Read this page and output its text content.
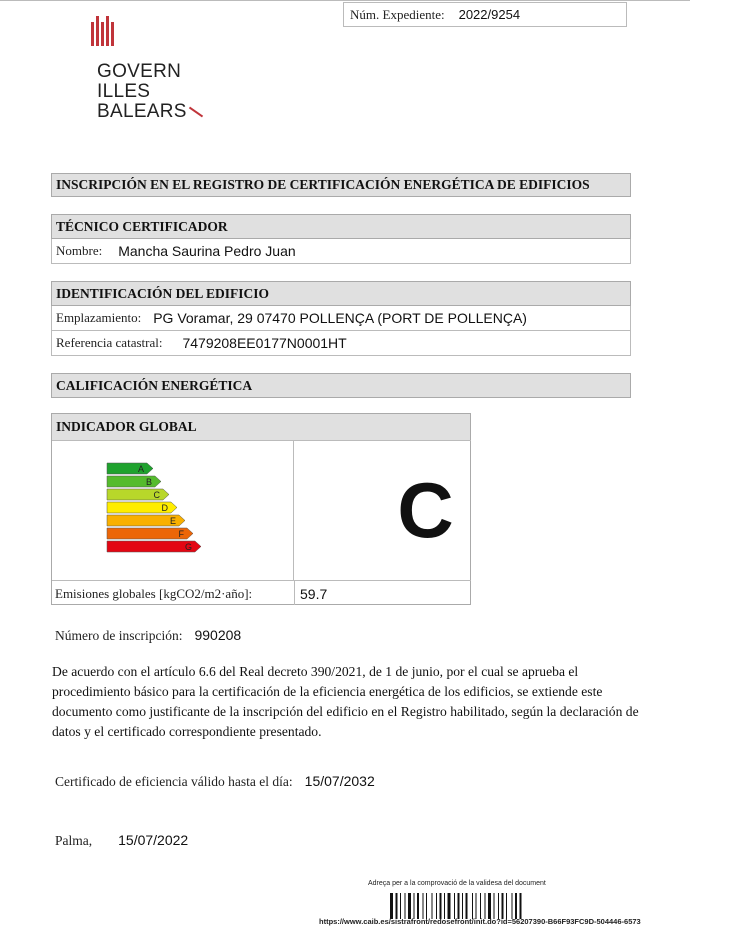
GOVERN
ILLES
BALEARS
Núm. Expediente: 2022/9254
INSCRIPCIÓN EN EL REGISTRO DE CERTIFICACIÓN ENERGÉTICA DE EDIFICIOS
TÉCNICO CERTIFICADOR
Nombre: Mancha Saurina Pedro Juan
IDENTIFICACIÓN DEL EDIFICIO
Emplazamiento: PG Voramar, 29 07470 POLLENÇA (PORT DE POLLENÇA)
Referencia catastral: 7479208EE0177N0001HT
CALIFICACIÓN ENERGÉTICA
INDICADOR GLOBAL
A
B
C
D
E
F
G	C
Emisiones globales [kgCO2/m2·año]:	59.7
Número de inscripción: 990208
De acuerdo con el artículo 6.6 del Real decreto 390/2021, de 1 de junio, por el cual se aprueba el procedimiento básico para la certificación de la eficiencia energética de los edificios, se extiende este documento como justificante de la inscripción del edificio en el Registro habilitado, según la declaración de datos y el certificado correspondiente presentado.
Certificado de eficiencia válido hasta el día: 15/07/2032
Palma, 15/07/2022
Adreça per a la comprovació de la validesa del document
https://www.caib.es/sistrafront/redosefront/init.do?id=56207390-B66F93FC9D-504446-6573
